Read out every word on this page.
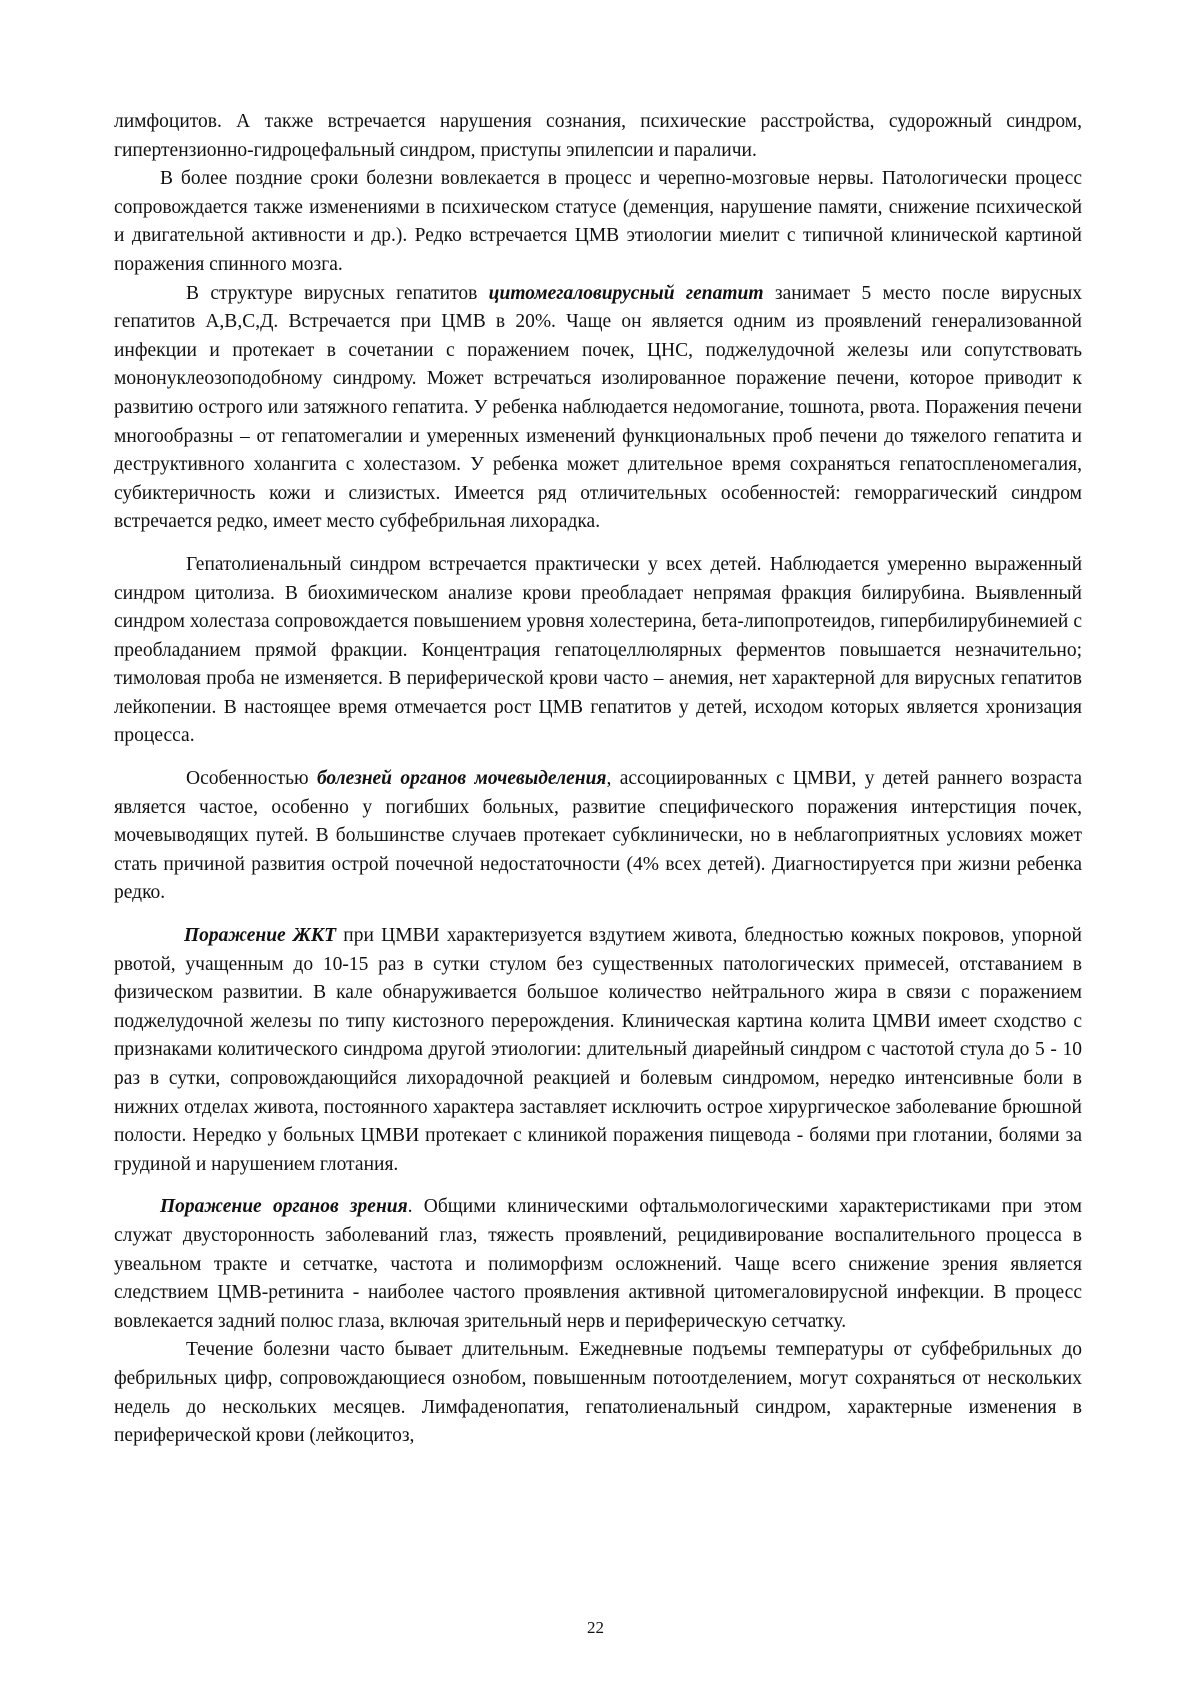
лимфоцитов. А также встречается нарушения сознания, психические расстройства, судорожный синдром, гипертензионно-гидроцефальный синдром, приступы эпилепсии и параличи.

В более поздние сроки болезни вовлекается в процесс и черепно-мозговые нервы. Патологически процесс сопровождается также изменениями в психическом статусе (деменция, нарушение памяти, снижение психической и двигательной активности и др.). Редко встречается ЦМВ этиологии миелит с типичной клинической картиной поражения спинного мозга.

В структуре вирусных гепатитов цитомегаловирусный гепатит занимает 5 место после вирусных гепатитов А,В,С,Д. Встречается при ЦМВ в 20%. Чаще он является одним из проявлений генерализованной инфекции и протекает в сочетании с поражением почек, ЦНС, поджелудочной железы или сопутствовать мононуклеозоподобному синдрому. Может встречаться изолированное поражение печени, которое приводит к развитию острого или затяжного гепатита. У ребенка наблюдается недомогание, тошнота, рвота. Поражения печени многообразны – от гепатомегалии и умеренных изменений функциональных проб печени до тяжелого гепатита и деструктивного холангита с холестазом. У ребенка может длительное время сохраняться гепатоспленомегалия, субиктеричность кожи и слизистых. Имеется ряд отличительных особенностей: геморрагический синдром встречается редко, имеет место субфебрильная лихорадка.

Гепатолиенальный синдром встречается практически у всех детей. Наблюдается умеренно выраженный синдром цитолиза. В биохимическом анализе крови преобладает непрямая фракция билирубина. Выявленный синдром холестаза сопровождается повышением уровня холестерина, бета-липопротеидов, гипербилирубинемией с преобладанием прямой фракции. Концентрация гепатоцеллюлярных ферментов повышается незначительно; тимоловая проба не изменяется. В периферической крови часто – анемия, нет характерной для вирусных гепатитов лейкопении. В настоящее время отмечается рост ЦМВ гепатитов у детей, исходом которых является хронизация процесса.

Особенностью болезней органов мочевыделения, ассоциированных с ЦМВИ, у детей раннего возраста является частое, особенно у погибших больных, развитие специфического поражения интерстиция почек, мочевыводящих путей. В большинстве случаев протекает субклинически, но в неблагоприятных условиях может стать причиной развития острой почечной недостаточности (4% всех детей). Диагностируется при жизни ребенка редко.

Поражение ЖКТ при ЦМВИ характеризуется вздутием живота, бледностью кожных покровов, упорной рвотой, учащенным до 10-15 раз в сутки стулом без существенных патологических примесей, отставанием в физическом развитии. В кале обнаруживается большое количество нейтрального жира в связи с поражением поджелудочной железы по типу кистозного перерождения. Клиническая картина колита ЦМВИ имеет сходство с признаками колитического синдрома другой этиологии: длительный диарейный синдром с частотой стула до 5 - 10 раз в сутки, сопровождающийся лихорадочной реакцией и болевым синдромом, нередко интенсивные боли в нижних отделах живота, постоянного характера заставляет исключить острое хирургическое заболевание брюшной полости. Нередко у больных ЦМВИ протекает с клиникой поражения пищевода - болями при глотании, болями за грудиной и нарушением глотания.

Поражение органов зрения. Общими клиническими офтальмологическими характеристиками при этом служат двусторонность заболеваний глаз, тяжесть проявлений, рецидивирование воспалительного процесса в увеальном тракте и сетчатке, частота и полиморфизм осложнений. Чаще всего снижение зрения является следствием ЦМВ-ретинита - наиболее частого проявления активной цитомегаловирусной инфекции. В процесс вовлекается задний полюс глаза, включая зрительный нерв и периферическую сетчатку.

Течение болезни часто бывает длительным. Ежедневные подъемы температуры от субфебрильных до фебрильных цифр, сопровождающиеся ознобом, повышенным потоотделением, могут сохраняться от нескольких недель до нескольких месяцев. Лимфаденопатия, гепатолиенальный синдром, характерные изменения в периферической крови (лейкоцитоз,

22
